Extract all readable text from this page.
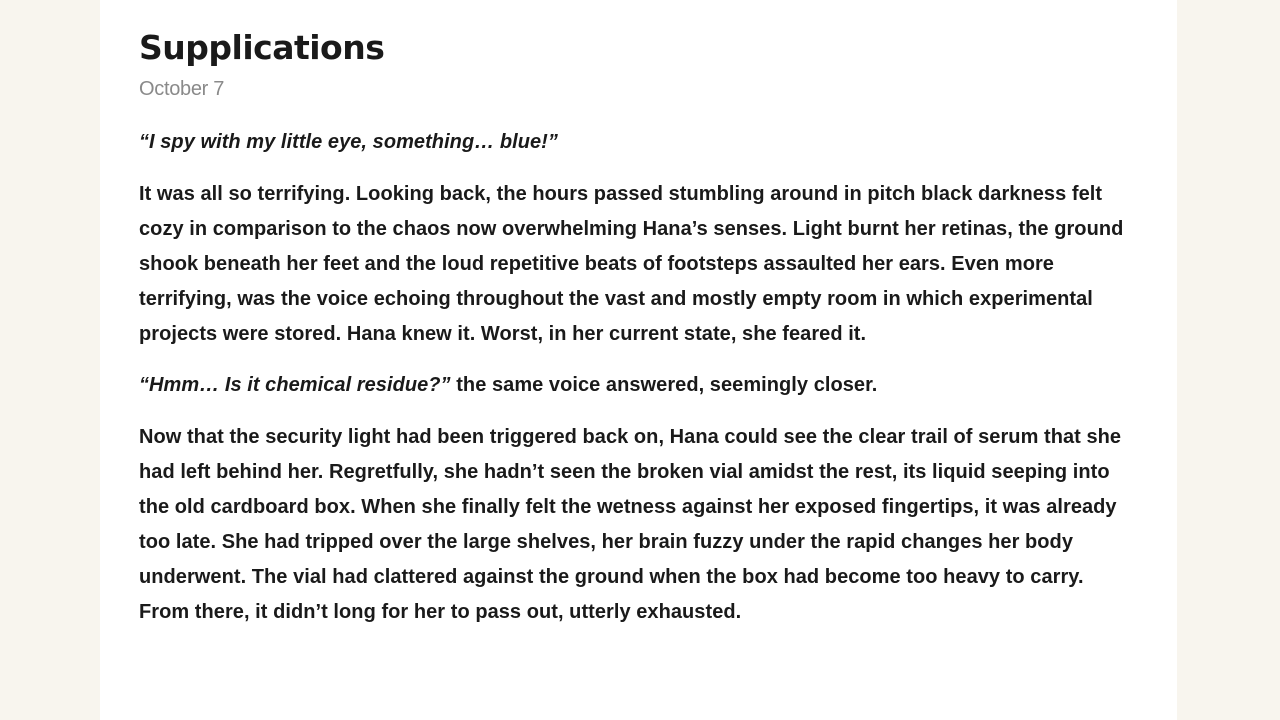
Supplications
October 7

“I spy with my little eye, something… blue!”

It was all so terrifying. Looking back, the hours passed stumbling around in pitch black darkness felt cozy in comparison to the chaos now overwhelming Hana’s senses. Light burnt her retinas, the ground shook beneath her feet and the loud repetitive beats of footsteps assaulted her ears. Even more terrifying, was the voice echoing throughout the vast and mostly empty room in which experimental projects were stored. Hana knew it. Worst, in her current state, she feared it.

“Hmm… Is it chemical residue?” the same voice answered, seemingly closer.

Now that the security light had been triggered back on, Hana could see the clear trail of serum that she had left behind her. Regretfully, she hadn’t seen the broken vial amidst the rest, its liquid seeping into the old cardboard box. When she finally felt the wetness against her exposed fingertips, it was already too late. She had tripped over the large shelves, her brain fuzzy under the rapid changes her body underwent. The vial had clattered against the ground when the box had become too heavy to carry. From there, it didn’t long for her to pass out, utterly exhausted.
